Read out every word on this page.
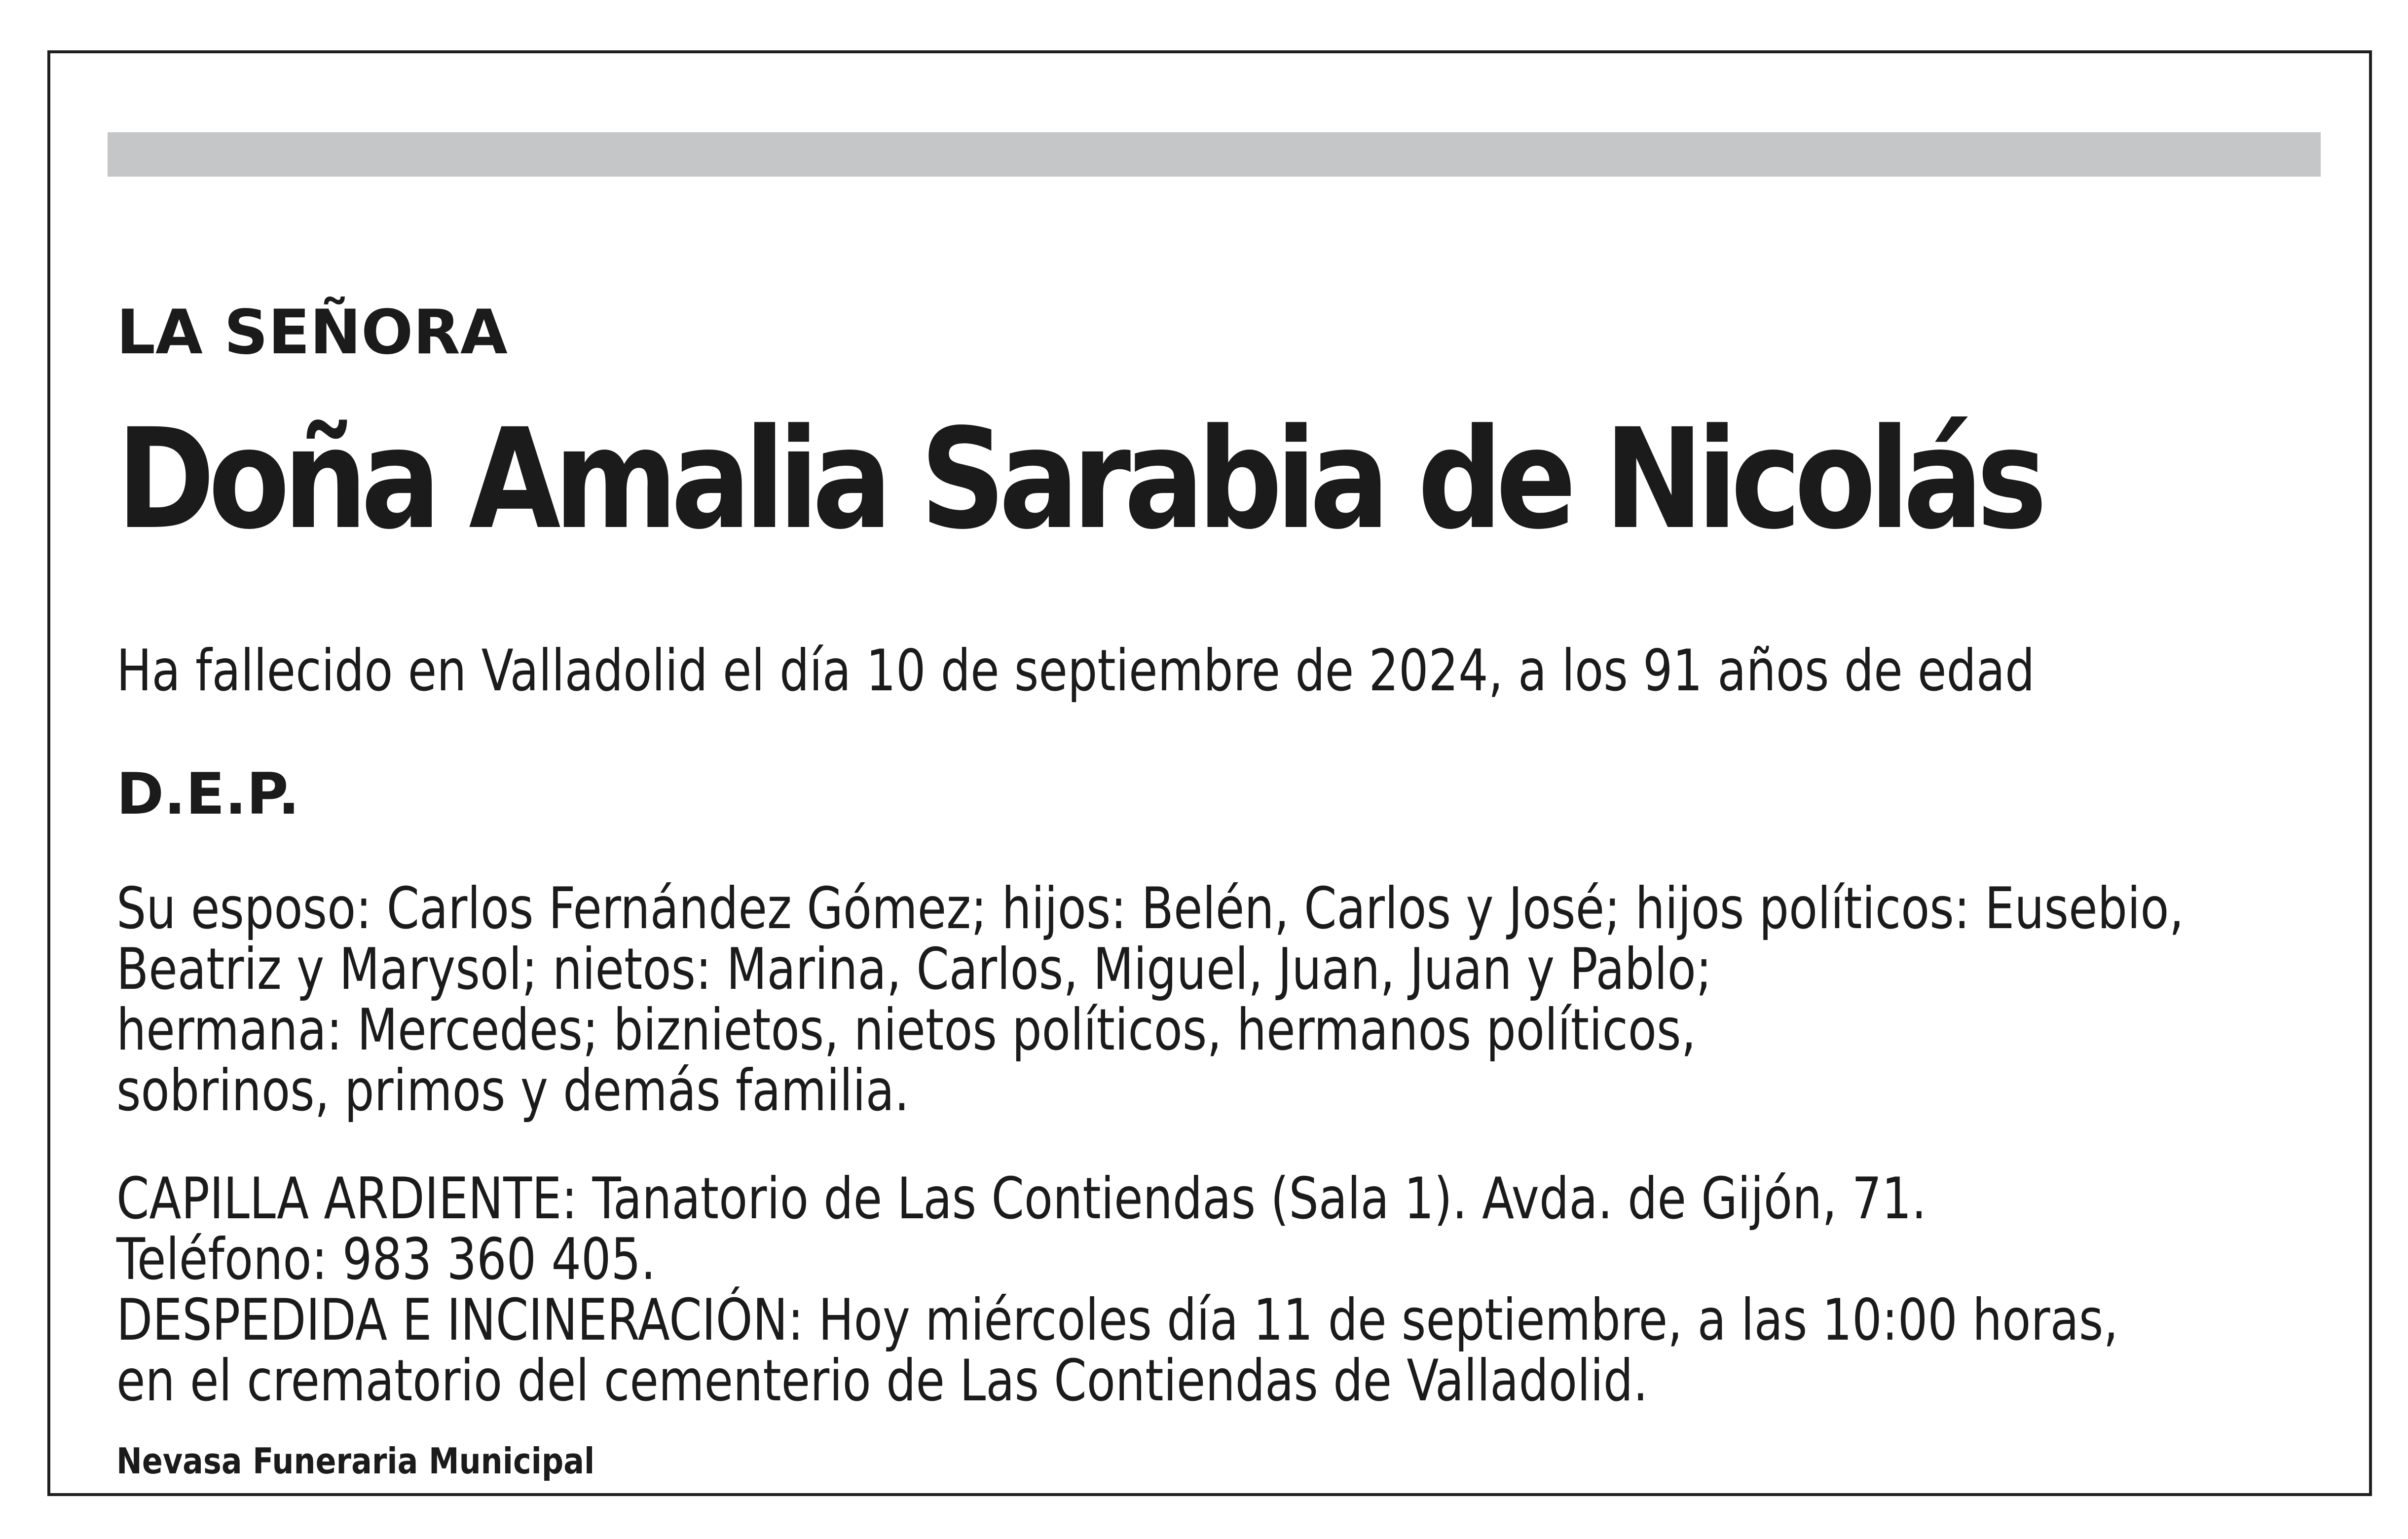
LA SEÑORA
Doña Amalia Sarabia de Nicolás
Ha fallecido en Valladolid el día 10 de septiembre de 2024, a los 91 años de edad
D.E.P.
Su esposo: Carlos Fernández Gómez; hijos: Belén, Carlos y José; hijos políticos: Eusebio,
Beatriz y Marysol; nietos: Marina, Carlos, Miguel, Juan, Juan y Pablo;
hermana: Mercedes; biznietos, nietos políticos, hermanos políticos,
sobrinos, primos y demás familia.
CAPILLA ARDIENTE: Tanatorio de Las Contiendas (Sala 1). Avda. de Gijón, 71.
Teléfono: 983 360 405.
DESPEDIDA E INCINERACIÓN: Hoy miércoles día 11 de septiembre, a las 10:00 horas,
en el crematorio del cementerio de Las Contiendas de Valladolid.
Nevasa Funeraria Municipal
